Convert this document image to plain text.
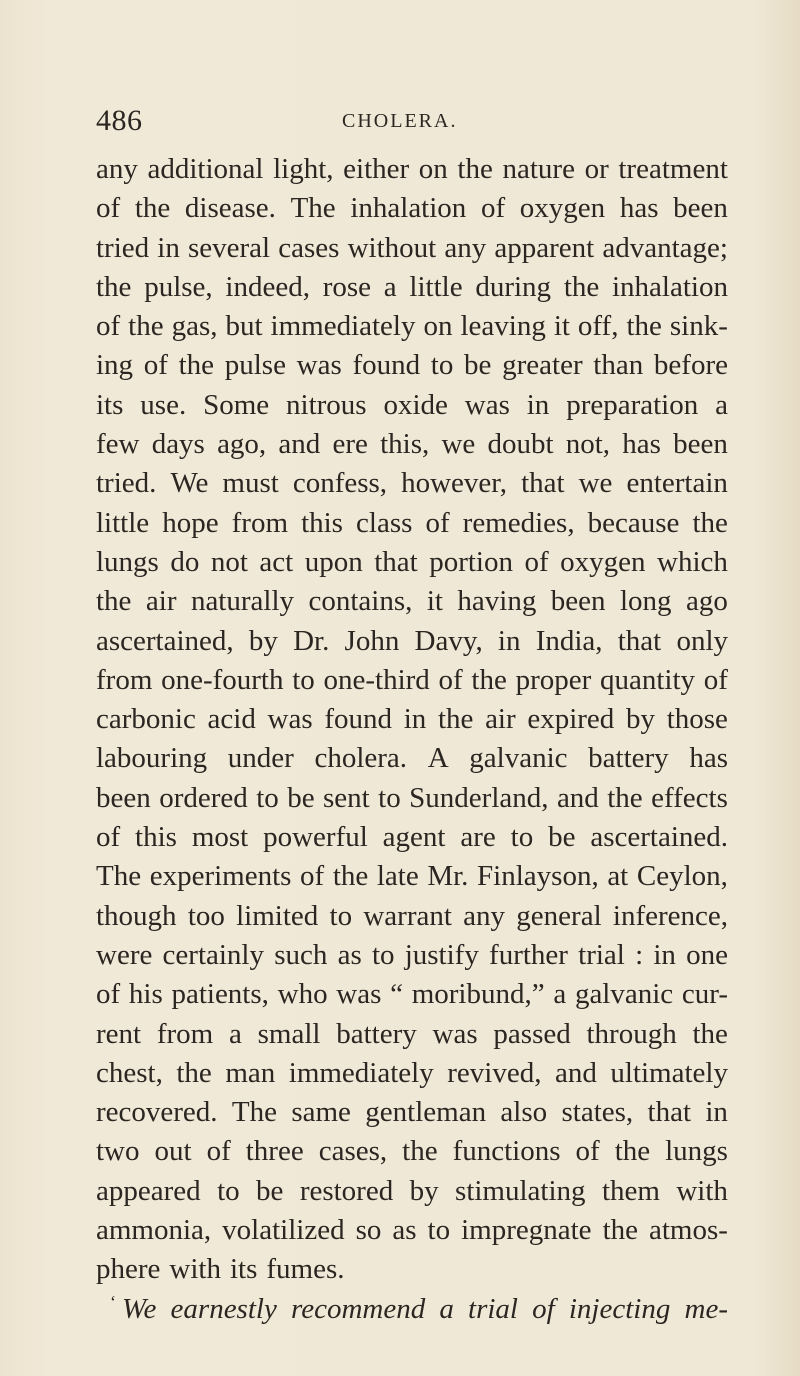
486	CHOLERA.
any additional light, either on the nature or treatment
of the disease. The inhalation of oxygen has been
tried in several cases without any apparent advantage;
the pulse, indeed, rose a little during the inhalation
of the gas, but immediately on leaving it off, the sink-
ing of the pulse was found to be greater than before
its use. Some nitrous oxide was in preparation a
few days ago, and ere this, we doubt not, has been
tried. We must confess, however, that we entertain
little hope from this class of remedies, because the
lungs do not act upon that portion of oxygen which
the air naturally contains, it having been long ago
ascertained, by Dr. John Davy, in India, that only
from one-fourth to one-third of the proper quantity of
carbonic acid was found in the air expired by those
labouring under cholera. A galvanic battery has
been ordered to be sent to Sunderland, and the effects
of this most powerful agent are to be ascertained.
The experiments of the late Mr. Finlayson, at Ceylon,
though too limited to warrant any general inference,
were certainly such as to justify further trial : in one
of his patients, who was “ moribund,” a galvanic cur-
rent from a small battery was passed through the
chest, the man immediately revived, and ultimately
recovered. The same gentleman also states, that in
two out of three cases, the functions of the lungs
appeared to be restored by stimulating them with
ammonia, volatilized so as to impregnate the atmos-
phere with its fumes.
‘ We earnestly recommend a trial of injecting me-
